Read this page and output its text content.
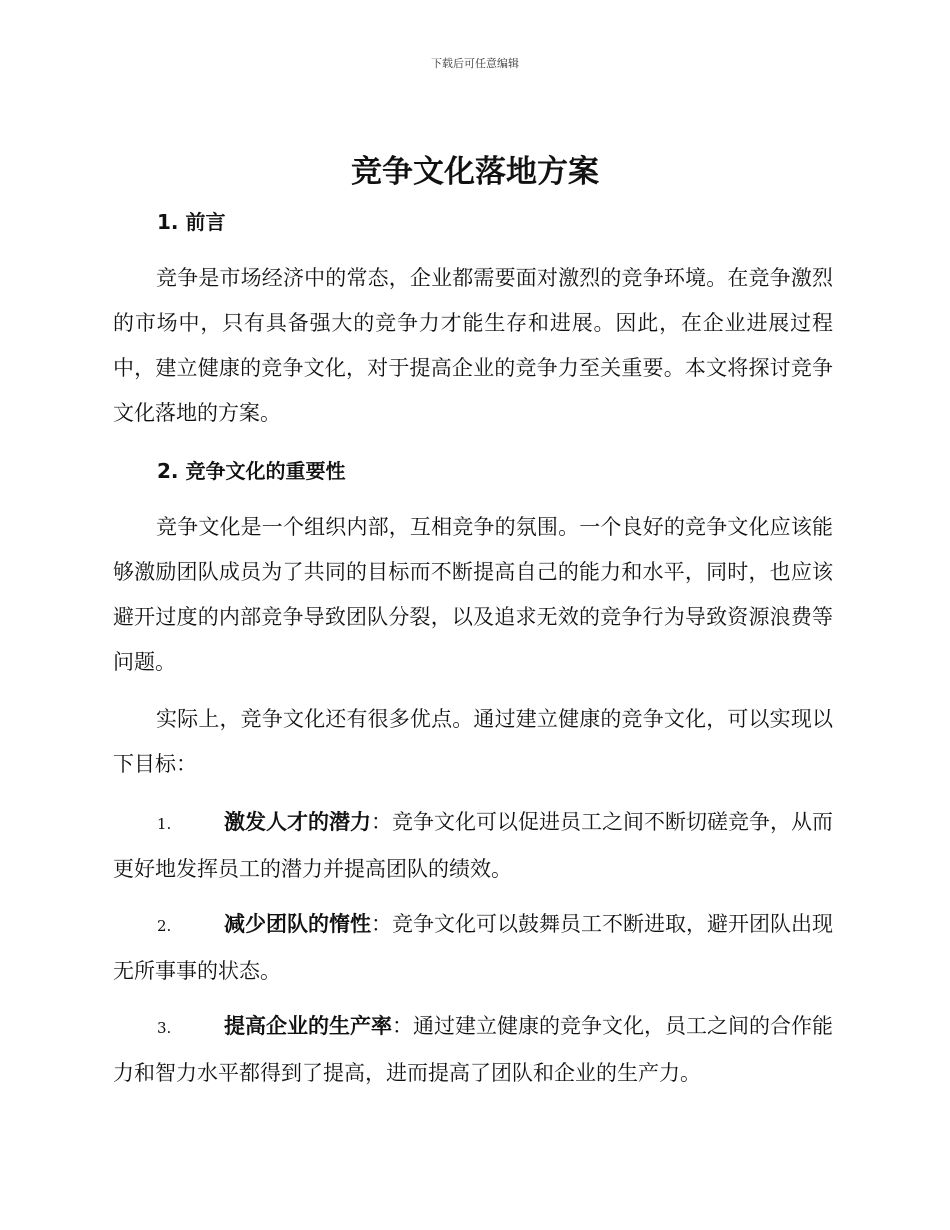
下载后可任意编辑
竞争文化落地方案
1. 前言

竞争是市场经济中的常态，企业都需要面对激烈的竞争环境。在竞争激烈的市场中，只有具备强大的竞争力才能生存和进展。因此，在企业进展过程中，建立健康的竞争文化，对于提高企业的竞争力至关重要。本文将探讨竞争文化落地的方案。

2. 竞争文化的重要性

竞争文化是一个组织内部，互相竞争的氛围。一个良好的竞争文化应该能够激励团队成员为了共同的目标而不断提高自己的能力和水平，同时，也应该避开过度的内部竞争导致团队分裂，以及追求无效的竞争行为导致资源浪费等问题。

实际上，竞争文化还有很多优点。通过建立健康的竞争文化，可以实现以下目标：

1.	激发人才的潜力：竞争文化可以促进员工之间不断切磋竞争，从而更好地发挥员工的潜力并提高团队的绩效。

2.	减少团队的惰性：竞争文化可以鼓舞员工不断进取，避开团队出现无所事事的状态。

3.	提高企业的生产率：通过建立健康的竞争文化，员工之间的合作能力和智力水平都得到了提高，进而提高了团队和企业的生产力。
